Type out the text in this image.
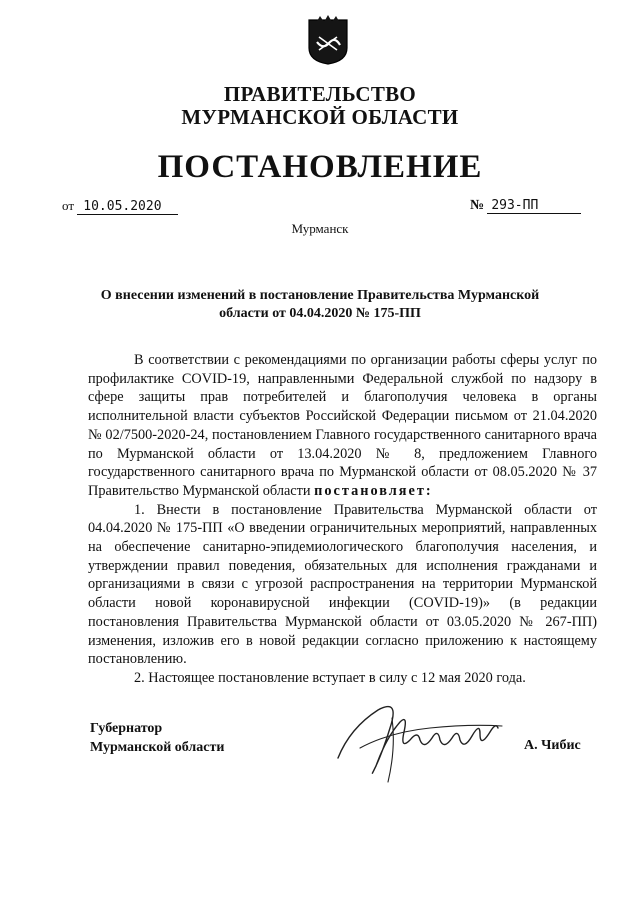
ПРАВИТЕЛЬСТВО
МУРМАНСКОЙ ОБЛАСТИ
ПОСТАНОВЛЕНИЕ
от 10.05.2020	№ 293-ПП
Мурманск
О внесении изменений в постановление Правительства Мурманской области от 04.04.2020 № 175-ПП

В соответствии с рекомендациями по организации работы сферы услуг по профилактике COVID-19, направленными Федеральной службой по надзору в сфере защиты прав потребителей и благополучия человека в органы исполнительной власти субъектов Российской Федерации письмом от 21.04.2020 № 02/7500-2020-24, постановлением Главного государственного санитарного врача по Мурманской области от 13.04.2020 № 8, предложением Главного государственного санитарного врача по Мурманской области от 08.05.2020 № 37 Правительство Мурманской области постановляет:

1. Внести в постановление Правительства Мурманской области от 04.04.2020 № 175-ПП «О введении ограничительных мероприятий, направленных на обеспечение санитарно-эпидемиологического благополучия населения, и утверждении правил поведения, обязательных для исполнения гражданами и организациями в связи с угрозой распространения на территории Мурманской области новой коронавирусной инфекции (COVID-19)» (в редакции постановления Правительства Мурманской области от 03.05.2020 № 267-ПП) изменения, изложив его в новой редакции согласно приложению к настоящему постановлению.

2. Настоящее постановление вступает в силу с 12 мая 2020 года.

Губернатор
Мурманской области	А. Чибис
